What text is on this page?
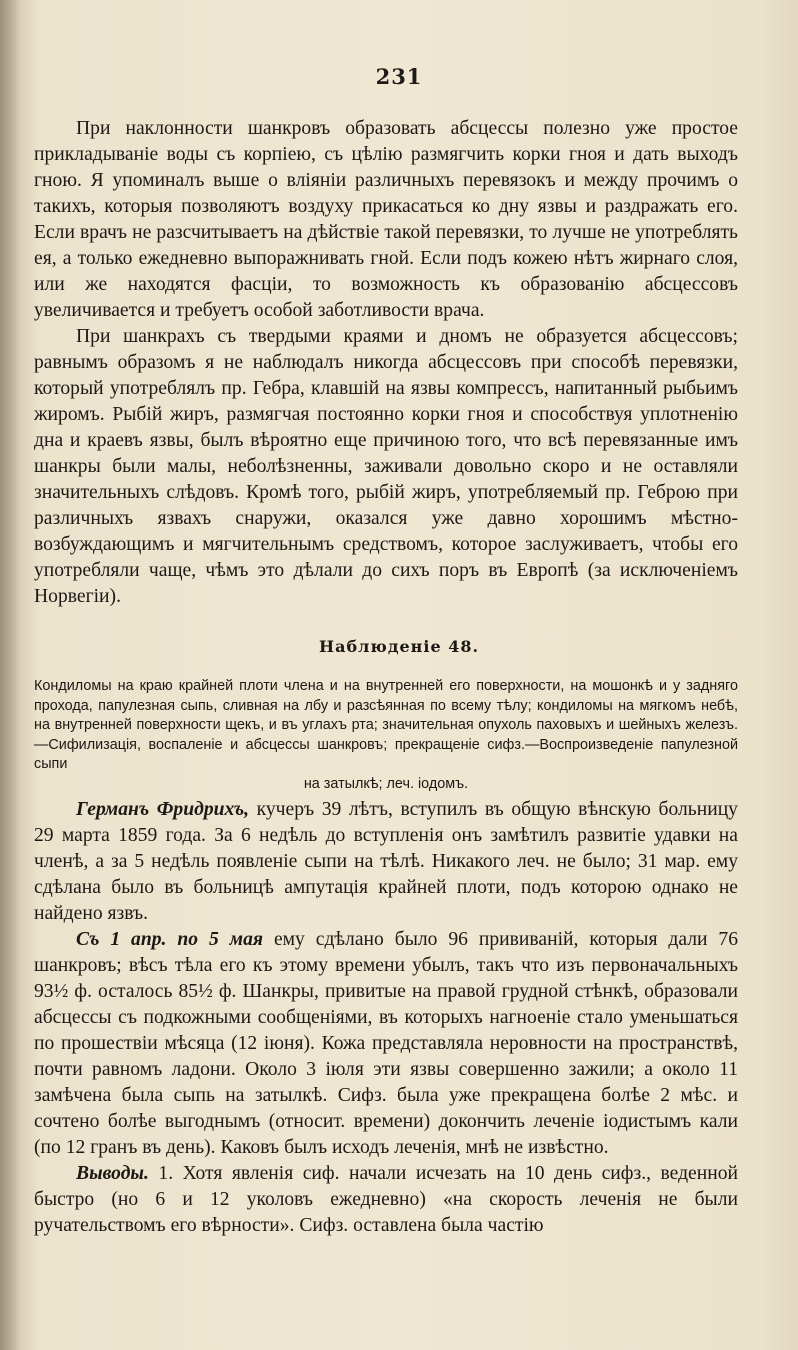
231

При наклонности шанкровъ образовать абсцессы полезно уже простое прикладываніе воды съ корпіею, съ цѣлію размягчить корки гноя и дать выходъ гною. Я упоминалъ выше о вліяніи различныхъ перевязокъ и между прочимъ о такихъ, которыя позволяютъ воздуху прикасаться ко дну язвы и раздражать его. Если врачъ не разсчитываетъ на дѣйствіе такой перевязки, то лучше не употреблять ея, а только ежедневно выпоражнивать гной. Если подъ кожею нѣтъ жирнаго слоя, или же находятся фасціи, то возможность къ образованію абсцессовъ увеличивается и требуетъ особой заботливости врача.

При шанкрахъ съ твердыми краями и дномъ не образуется абсцессовъ; равнымъ образомъ я не наблюдалъ никогда абсцессовъ при способѣ перевязки, который употреблялъ пр. Гебра, клавшій на язвы компрессъ, напитанный рыбьимъ жиромъ. Рыбій жиръ, размягчая постоянно корки гноя и способствуя уплотненію дна и краевъ язвы, былъ вѣроятно еще причиною того, что всѣ перевязанные имъ шанкры были малы, неболѣзненны, заживали довольно скоро и не оставляли значительныхъ слѣдовъ. Кромѣ того, рыбій жиръ, употребляемый пр. Геброю при различныхъ язвахъ снаружи, оказался уже давно хорошимъ мѣстно-возбуждающимъ и мягчительнымъ средствомъ, которое заслуживаетъ, чтобы его употребляли чаще, чѣмъ это дѣлали до сихъ поръ въ Европѣ (за исключеніемъ Норвегіи).

Наблюденіе 48.

Кондиломы на краю крайней плоти члена и на внутренней его поверхности, на мошонкѣ и у задняго прохода, папулезная сыпь, сливная на лбу и разсѣянная по всему тѣлу; кондиломы на мягкомъ небѣ, на внутренней поверхности щекъ, и въ углахъ рта; значительная опухоль паховыхъ и шейныхъ железъ.—Сифилизація, воспаленіе и абсцессы шанкровъ; прекращеніе сифз.—Воспроизведеніе папулезной сыпи
на затылкѣ; леч. іодомъ.

Германъ Фридрихъ, кучеръ 39 лѣтъ, вступилъ въ общую вѣнскую больницу 29 марта 1859 года. За 6 недѣль до вступленія онъ замѣтилъ развитіе удавки на членѣ, а за 5 недѣль появленіе сыпи на тѣлѣ. Никакого леч. не было; 31 мар. ему сдѣлана было въ больницѣ ампутація крайней плоти, подъ которою однако не найдено язвъ.

Съ 1 апр. по 5 мая ему сдѣлано было 96 прививаній, которыя дали 76 шанкровъ; вѣсъ тѣла его къ этому времени убылъ, такъ что изъ первоначальныхъ 93½ ф. осталось 85½ ф. Шанкры, привитые на правой грудной стѣнкѣ, образовали абсцессы съ подкожными сообщеніями, въ которыхъ нагноеніе стало уменьшаться по прошествіи мѣсяца (12 іюня). Кожа представляла неровности на пространствѣ, почти равномъ ладони. Около 3 іюля эти язвы совершенно зажили; а около 11 замѣчена была сыпь на затылкѣ. Сифз. была уже прекращена болѣе 2 мѣс. и сочтено болѣе выгоднымъ (относит. времени) докончить леченіе іодистымъ кали (по 12 гранъ въ день). Каковъ былъ исходъ леченія, мнѣ не извѣстно.

Выводы. 1. Хотя явленія сиф. начали исчезать на 10 день сифз., веденной быстро (но 6 и 12 уколовъ ежедневно) «на скорость леченія не были ручательствомъ его вѣрности». Сифз. оставлена была частію
